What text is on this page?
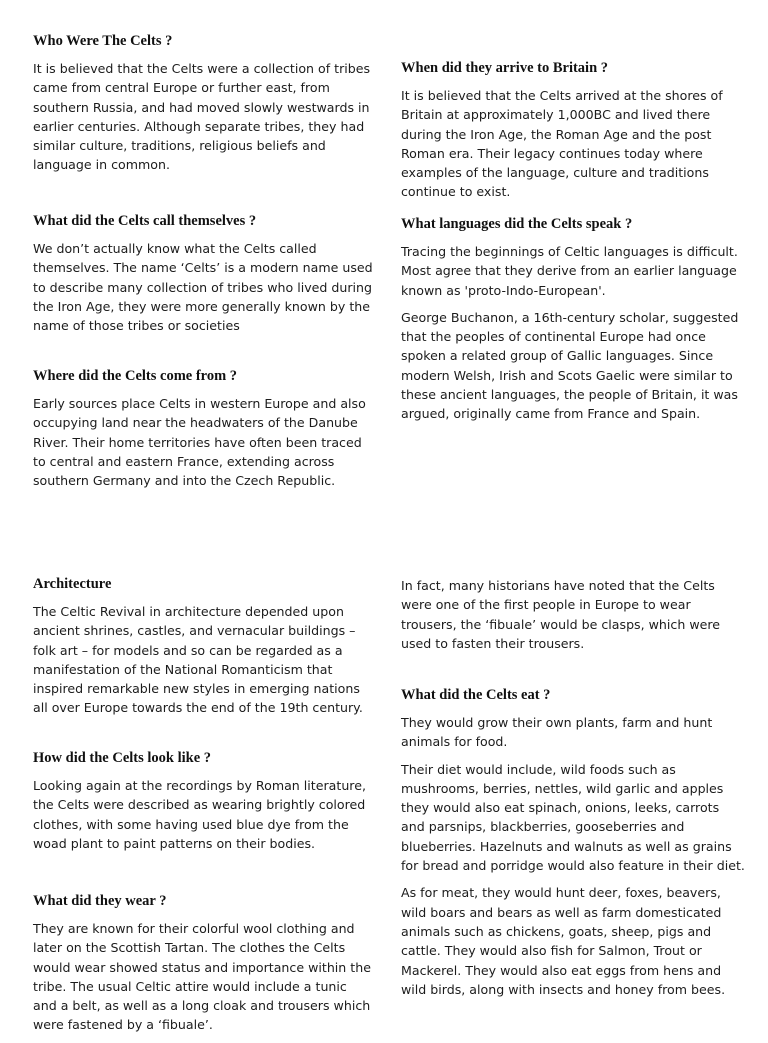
Who Were The Celts ?

It is believed that the Celts were a collection of tribes came from central Europe or further east, from southern Russia, and had moved slowly westwards in earlier centuries. Although separate tribes, they had similar culture, traditions, religious beliefs and language in common.

What did the Celts call themselves ?

We don’t actually know what the Celts called themselves. The name ‘Celts’ is a modern name used to describe many collection of tribes who lived during the Iron Age, they were more generally known by the name of those tribes or societies

Where did the Celts come from ?

Early sources place Celts in western Europe and also occupying land near the headwaters of the Danube River. Their home territories have often been traced to central and eastern France, extending across southern Germany and into the Czech Republic.

Architecture

The Celtic Revival in architecture depended upon ancient shrines, castles, and vernacular buildings – folk art – for models and so can be regarded as a manifestation of the National Romanticism that inspired remarkable new styles in emerging nations all over Europe towards the end of the 19th century.

How did the Celts look like ?

Looking again at the recordings by Roman literature, the Celts were described as wearing brightly colored clothes, with some having used blue dye from the woad plant to paint patterns on their bodies.

What did they wear ?

They are known for their colorful wool clothing and later on the Scottish Tartan. The clothes the Celts would wear showed status and importance within the tribe. The usual Celtic attire would include a tunic and a belt, as well as a long cloak and trousers which were fastened by a ‘fibuale’.

When did they arrive to Britain ?

It is believed that the Celts arrived at the shores of Britain at approximately 1,000BC and lived there during the Iron Age, the Roman Age and the post Roman era. Their legacy continues today where examples of the language, culture and traditions continue to exist.

What languages did the Celts speak ?

Tracing the beginnings of Celtic languages is difficult. Most agree that they derive from an earlier language known as 'proto-Indo-European'.

George Buchanon, a 16th-century scholar, suggested that the peoples of continental Europe had once spoken a related group of Gallic languages. Since modern Welsh, Irish and Scots Gaelic were similar to these ancient languages, the people of Britain, it was argued, originally came from France and Spain.

In fact, many historians have noted that the Celts were one of the first people in Europe to wear trousers, the ‘fibuale’ would be clasps, which were used to fasten their trousers.

What did the Celts eat ?

They would grow their own plants, farm and hunt animals for food.

Their diet would include, wild foods such as mushrooms, berries, nettles, wild garlic and apples they would also eat spinach, onions, leeks, carrots and parsnips, blackberries, gooseberries and blueberries. Hazelnuts and walnuts as well as grains for bread and porridge would also feature in their diet.

As for meat, they would hunt deer, foxes, beavers, wild boars and bears as well as farm domesticated animals such as chickens, goats, sheep, pigs and cattle. They would also fish for Salmon, Trout or Mackerel. They would also eat eggs from hens and wild birds, along with insects and honey from bees.
